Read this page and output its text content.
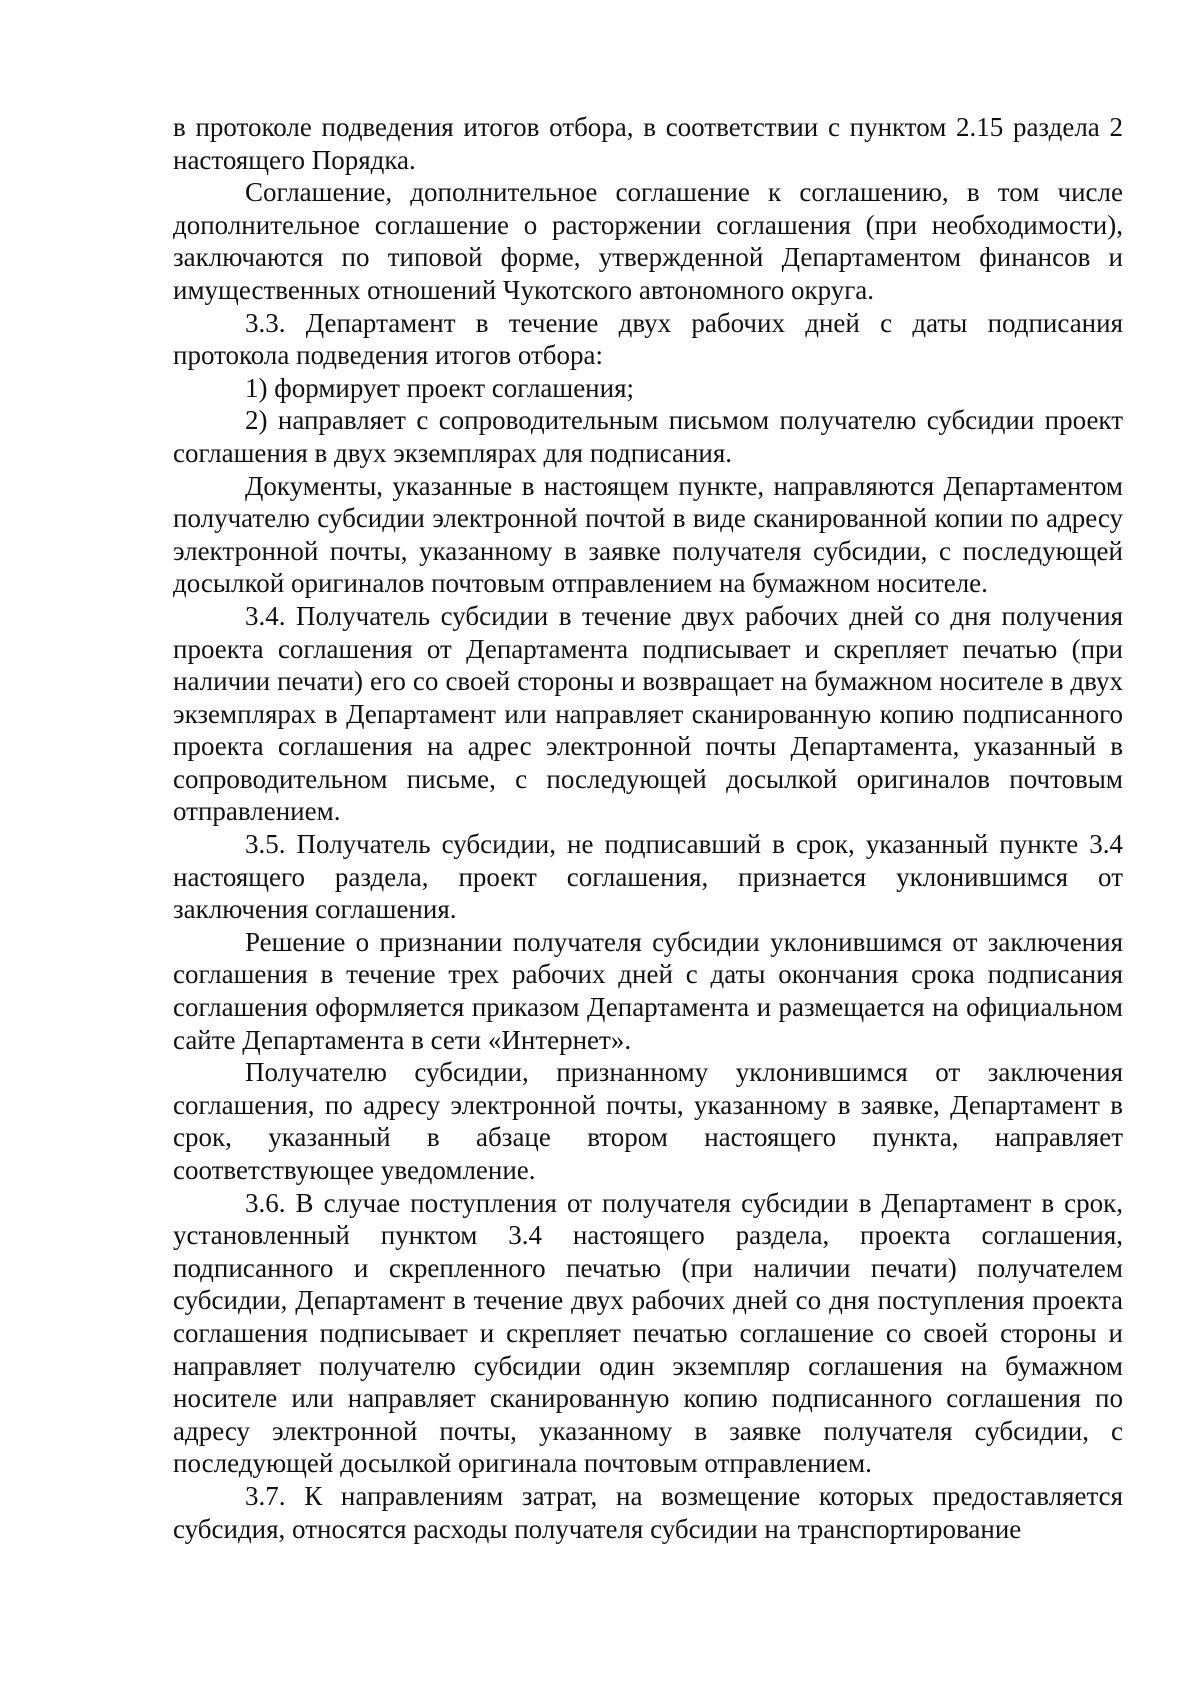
в протоколе подведения итогов отбора, в соответствии с пунктом 2.15 раздела 2 настоящего Порядка.

Соглашение, дополнительное соглашение к соглашению, в том числе дополнительное соглашение о расторжении соглашения (при необходимости), заключаются по типовой форме, утвержденной Департаментом финансов и имущественных отношений Чукотского автономного округа.

3.3. Департамент в течение двух рабочих дней с даты подписания протокола подведения итогов отбора:

1) формирует проект соглашения;

2) направляет с сопроводительным письмом получателю субсидии проект соглашения в двух экземплярах для подписания.

Документы, указанные в настоящем пункте, направляются Департаментом получателю субсидии электронной почтой в виде сканированной копии по адресу электронной почты, указанному в заявке получателя субсидии, с последующей досылкой оригиналов почтовым отправлением на бумажном носителе.

3.4. Получатель субсидии в течение двух рабочих дней со дня получения проекта соглашения от Департамента подписывает и скрепляет печатью (при наличии печати) его со своей стороны и возвращает на бумажном носителе в двух экземплярах в Департамент или направляет сканированную копию подписанного проекта соглашения на адрес электронной почты Департамента, указанный в сопроводительном письме, с последующей досылкой оригиналов почтовым отправлением.

3.5. Получатель субсидии, не подписавший в срок, указанный пункте 3.4 настоящего раздела, проект соглашения, признается уклонившимся от заключения соглашения.

Решение о признании получателя субсидии уклонившимся от заключения соглашения в течение трех рабочих дней с даты окончания срока подписания соглашения оформляется приказом Департамента и размещается на официальном сайте Департамента в сети «Интернет».

Получателю субсидии, признанному уклонившимся от заключения соглашения, по адресу электронной почты, указанному в заявке, Департамент в срок, указанный в абзаце втором настоящего пункта, направляет соответствующее уведомление.

3.6. В случае поступления от получателя субсидии в Департамент в срок, установленный пунктом 3.4 настоящего раздела, проекта соглашения, подписанного и скрепленного печатью (при наличии печати) получателем субсидии, Департамент в течение двух рабочих дней со дня поступления проекта соглашения подписывает и скрепляет печатью соглашение со своей стороны и направляет получателю субсидии один экземпляр соглашения на бумажном носителе или направляет сканированную копию подписанного соглашения по адресу электронной почты, указанному в заявке получателя субсидии, с последующей досылкой оригинала почтовым отправлением.

3.7. К направлениям затрат, на возмещение которых предоставляется субсидия, относятся расходы получателя субсидии на транспортирование
